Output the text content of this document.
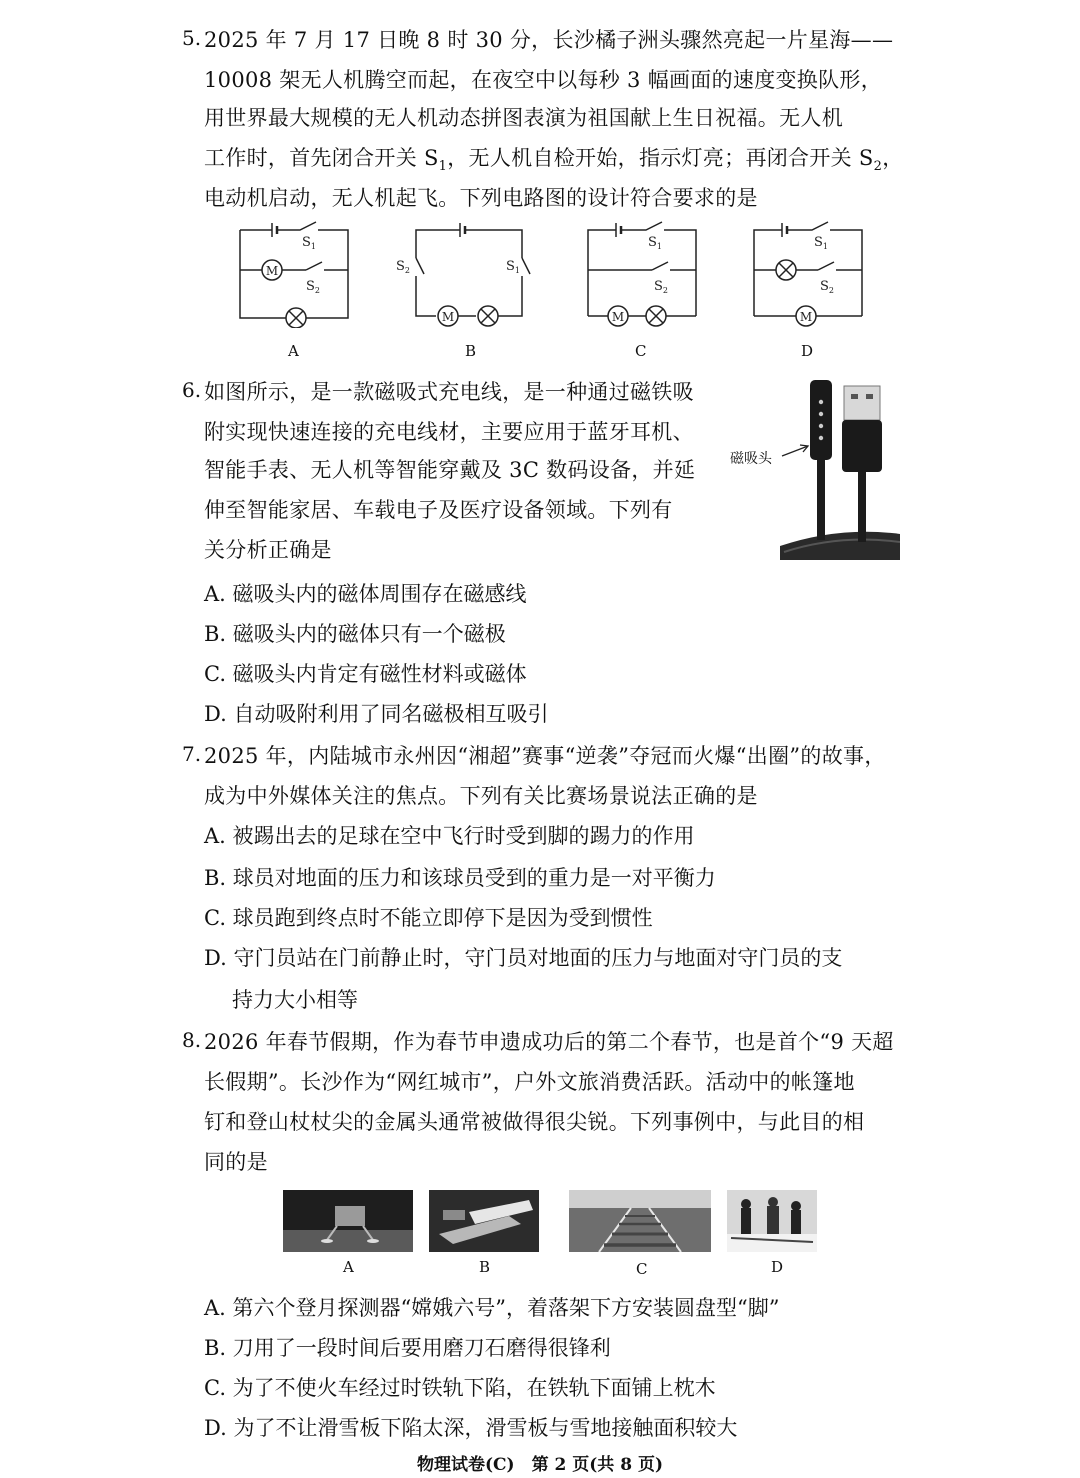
5. 2025 年 7 月 17 日晚 8 时 30 分，长沙橘子洲头骤然亮起一片星海——
10008 架无人机腾空而起，在夜空中以每秒 3 幅画面的速度变换队形，
用世界最大规模的无人机动态拼图表演为祖国献上生日祝福。无人机
工作时，首先闭合开关 $S_1$，无人机自检开始，指示灯亮；再闭合开关 $S_2$，
电动机启动，无人机起飞。下列电路图的设计符合要求的是
M
$S_1$
$S_2$
A
M
$S_2$	$S_1$
B
M
$S_1$
$S_2$
C
M
$S_1$
$S_2$
D
6. 如图所示，是一款磁吸式充电线，是一种通过磁铁吸
附实现快速连接的充电线材，主要应用于蓝牙耳机、
智能手表、无人机等智能穿戴及 3C 数码设备，并延
伸至智能家居、车载电子及医疗设备领域。下列有
关分析正确是
磁吸头
A. 磁吸头内的磁体周围存在磁感线
B. 磁吸头内的磁体只有一个磁极
C. 磁吸头内肯定有磁性材料或磁体
D. 自动吸附利用了同名磁极相互吸引
7. 2025 年，内陆城市永州因“湘超”赛事“逆袭”夺冠而火爆“出圈”的故事，
成为中外媒体关注的焦点。下列有关比赛场景说法正确的是
A. 被踢出去的足球在空中飞行时受到脚的踢力的作用
B. 球员对地面的压力和该球员受到的重力是一对平衡力
C. 球员跑到终点时不能立即停下是因为受到惯性
D. 守门员站在门前静止时，守门员对地面的压力与地面对守门员的支
持力大小相等
8. 2026 年春节假期，作为春节申遗成功后的第二个春节，也是首个“9 天超
长假期”。长沙作为“网红城市”，户外文旅消费活跃。活动中的帐篷地
钉和登山杖杖尖的金属头通常被做得很尖锐。下列事例中，与此目的相
同的是
A	B	C	D
A. 第六个登月探测器“嫦娥六号”，着落架下方安装圆盘型“脚”
B. 刀用了一段时间后要用磨刀石磨得很锋利
C. 为了不使火车经过时铁轨下陷，在铁轨下面铺上枕木
D. 为了不让滑雪板下陷太深，滑雪板与雪地接触面积较大
物理试卷(C)　第 2 页(共 8 页)
